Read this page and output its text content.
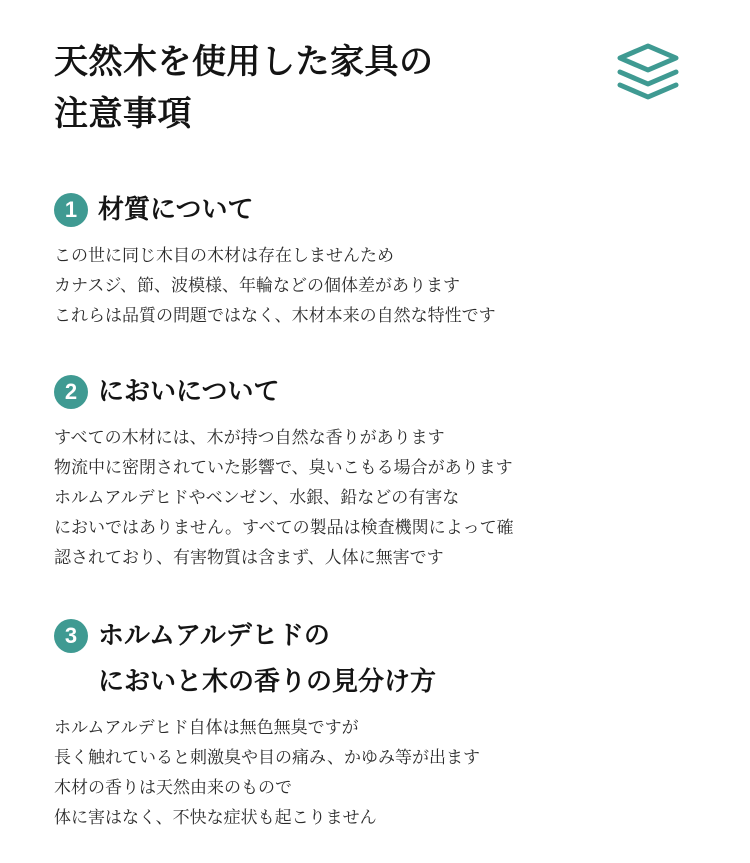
天然木を使用した家具の
注意事項
1 材質について
この世に同じ木目の木材は存在しませんため
カナスジ、節、波模様、年輪などの個体差があります
これらは品質の問題ではなく、木材本来の自然な特性です
2 においについて
すべての木材には、木が持つ自然な香りがあります
物流中に密閉されていた影響で、臭いこもる場合があります
ホルムアルデヒドやベンゼン、水銀、鉛などの有害な
においではありません。すべての製品は検査機関によって確
認されており、有害物質は含まず、人体に無害です
3 ホルムアルデヒドの
においと木の香りの見分け方
ホルムアルデヒド自体は無色無臭ですが
長く触れていると刺激臭や目の痛み、かゆみ等が出ます
木材の香りは天然由来のもので
体に害はなく、不快な症状も起こりません
